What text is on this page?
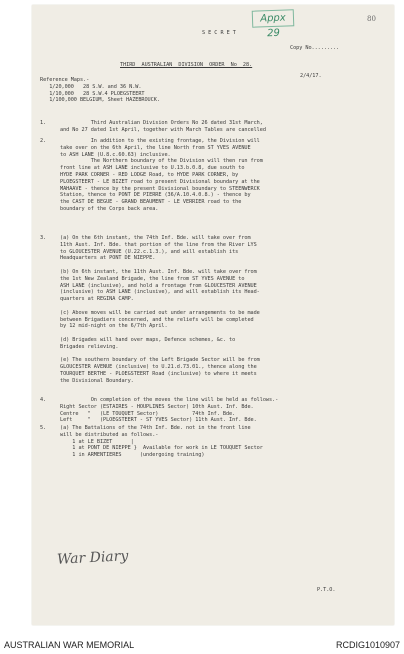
Appx 29
80
S E C R E T
Copy No.........
THIRD  AUSTRALIAN  DIVISION  ORDER  No  28.
2/4/17.
Reference Maps.-
1/20,000   28 S.W. and 36 N.W.
1/10,000   28 S.W.4 PLOEGSTEERT
1/100,000 BELGIUM, Sheet HAZEBROUCK.
1.	Third Australian Division Orders No 26 dated 31st March,
and No 27 dated 1st April, together with March Tables are cancelled
2.	In addition to the existing frontage, the Division will
take over on the 6th April, the line North from ST YVES AVENUE
to ASH LANE (U.8.c.60.63) inclusive.
The Northern boundary of the Division will then run from
front line at ASH LANE inclusive to U.13.b.0.8, due south to
HYDE PARK CORNER - RED LODGE Road, to HYDE PARK CORNER, by
PLOEGSTEERT - LE BIZET road to present Divisional boundary at the
MAHAAVE - thence by the present Divisional boundary to STEENWERCK
Station, thence to PONT DE PIERRE (36/A.10.4.0.8.) - thence by
the CAST DE BEGUE - GRAND BEAUMENT - LE VERRIER road to the
boundary of the Corps back area.
3.	(a) On the 6th instant, the 74th Inf. Bde. will take over from
11th Aust. Inf. Bde. that portion of the line from the River LYS
to GLOUCESTER AVENUE (U.22.c.1.3.), and will establish its
Headquarters at PONT DE NIEPPE.
(b) On 6th instant, the 11th Aust. Inf. Bde. will take over from
the 1st New Zealand Brigade, the line from ST YVES AVENUE to
ASH LANE (inclusive), and hold a frontage from GLOUCESTER AVENUE
(inclusive) to ASH LANE (inclusive), and will establish its Head-
quarters at REGINA CAMP.
(c) Above moves will be carried out under arrangements to be made
between Brigadiers concerned, and the reliefs will be completed
by 12 mid-night on the 6/7th April.
(d) Brigades will hand over maps, Defence schemes, &c. to
Brigades relieving.
(e) The southern boundary of the Left Brigade Sector will be from
GLOUCESTER AVENUE (inclusive) to U.21.d.73.01., thence along the
TOURQUET BERTHE - PLOEGSTEERT Road (inclusive) to where it meets
the Divisional Boundary.
4.	On completion of the moves the line will be held as follows.-
Right Sector (ESTAIRES - HOUPLINES Sector) 10th Aust. Inf. Bde.
Centre   "   (LE TOUQUET Sector)           74th Inf. Bde.
Left     "   (PLOEGSTEERT - ST YVES Sector) 11th Aust. Inf. Bde.
5.	(a) The Battalions of the 74th Inf. Bde. not in the front line
will be distributed as follows.-
1 at LE BIZET      |
1 at PONT DE NIEPPE }  Available for work in LE TOUQUET Sector
1 in ARMENTIERES      (undergoing training)
P.T.O.
War Diary
AUSTRALIAN WAR MEMORIAL	RCDIG1010907
